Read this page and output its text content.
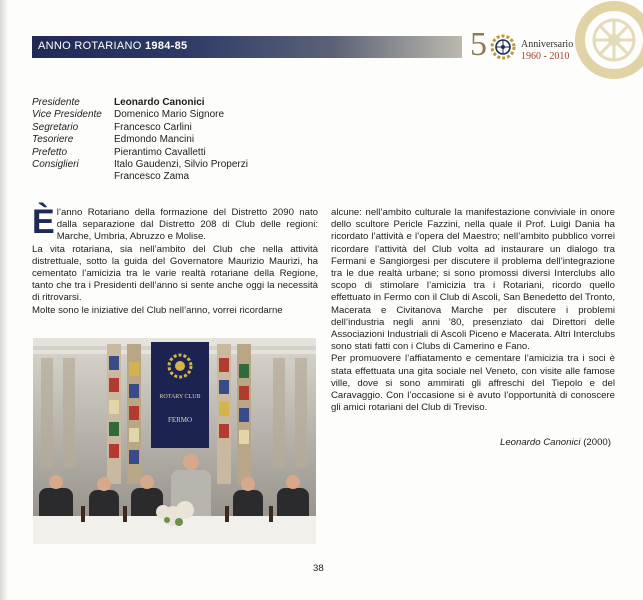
ANNO ROTARIANO 1984-85	5	Anniversario
1960 - 2010
Presidente	Leonardo Canonici
Vice Presidente	Domenico Mario Signore
Segretario	Francesco Carlini
Tesoriere	Edmondo Mancini
Prefetto	Pierantimo Cavalletti
Consiglieri	Italo Gaudenzi, Silvio Properzi
Francesco Zama
È l’anno Rotariano della formazione del Distretto 2090 nato dalla separazione dal Distretto 208 di Club delle regioni: Marche, Umbria, Abruzzo e Molise.

La vita rotariana, sia nell’ambito del Club che nella attività distrettuale, sotto la guida del Governatore Maurizio Maurizi, ha cementato l’amicizia tra le varie realtà rotariane della Regione, tanto che tra i Presidenti dell’anno si sente anche oggi la necessità di ritrovarsi.

Molte sono le iniziative del Club nell’anno, vorrei ricordarne

alcune: nell’ambito culturale la manifestazione conviviale in onore dello scultore Pericle Fazzini, nella quale il Prof. Luigi Dania ha ricordato l’attività e l’opera del Maestro; nell’ambito pubblico vorrei ricordare l’attività del Club volta ad instaurare un dialogo tra Fermani e Sangiorgesi per discutere il problema dell’integrazione tra le due realtà urbane; si sono promossi diversi Interclubs allo scopo di stimolare l’amicizia tra i Rotariani, ricordo quello effettuato in Fermo con il Club di Ascoli, San Benedetto del Tronto, Macerata e Civitanova Marche per discutere i problemi dell’industria negli anni ’80, presenziato dai Direttori delle Associazioni Industriali di Ascoli Piceno e Macerata. Altri Interclubs sono stati fatti con i Clubs di Camerino e Fano.

Per promuovere l’affiatamento e cementare l’amicizia tra i soci è stata effettuata una gita sociale nel Veneto, con visite alle famose ville, dove si sono ammirati gli affreschi del Tiepolo e del Caravaggio. Con l’occasione si è avuto l’opportunità di conoscere gli amici rotariani del Club di Treviso.

Leonardo Canonici (2000)
ROTARY CLUB
FERMO
38
